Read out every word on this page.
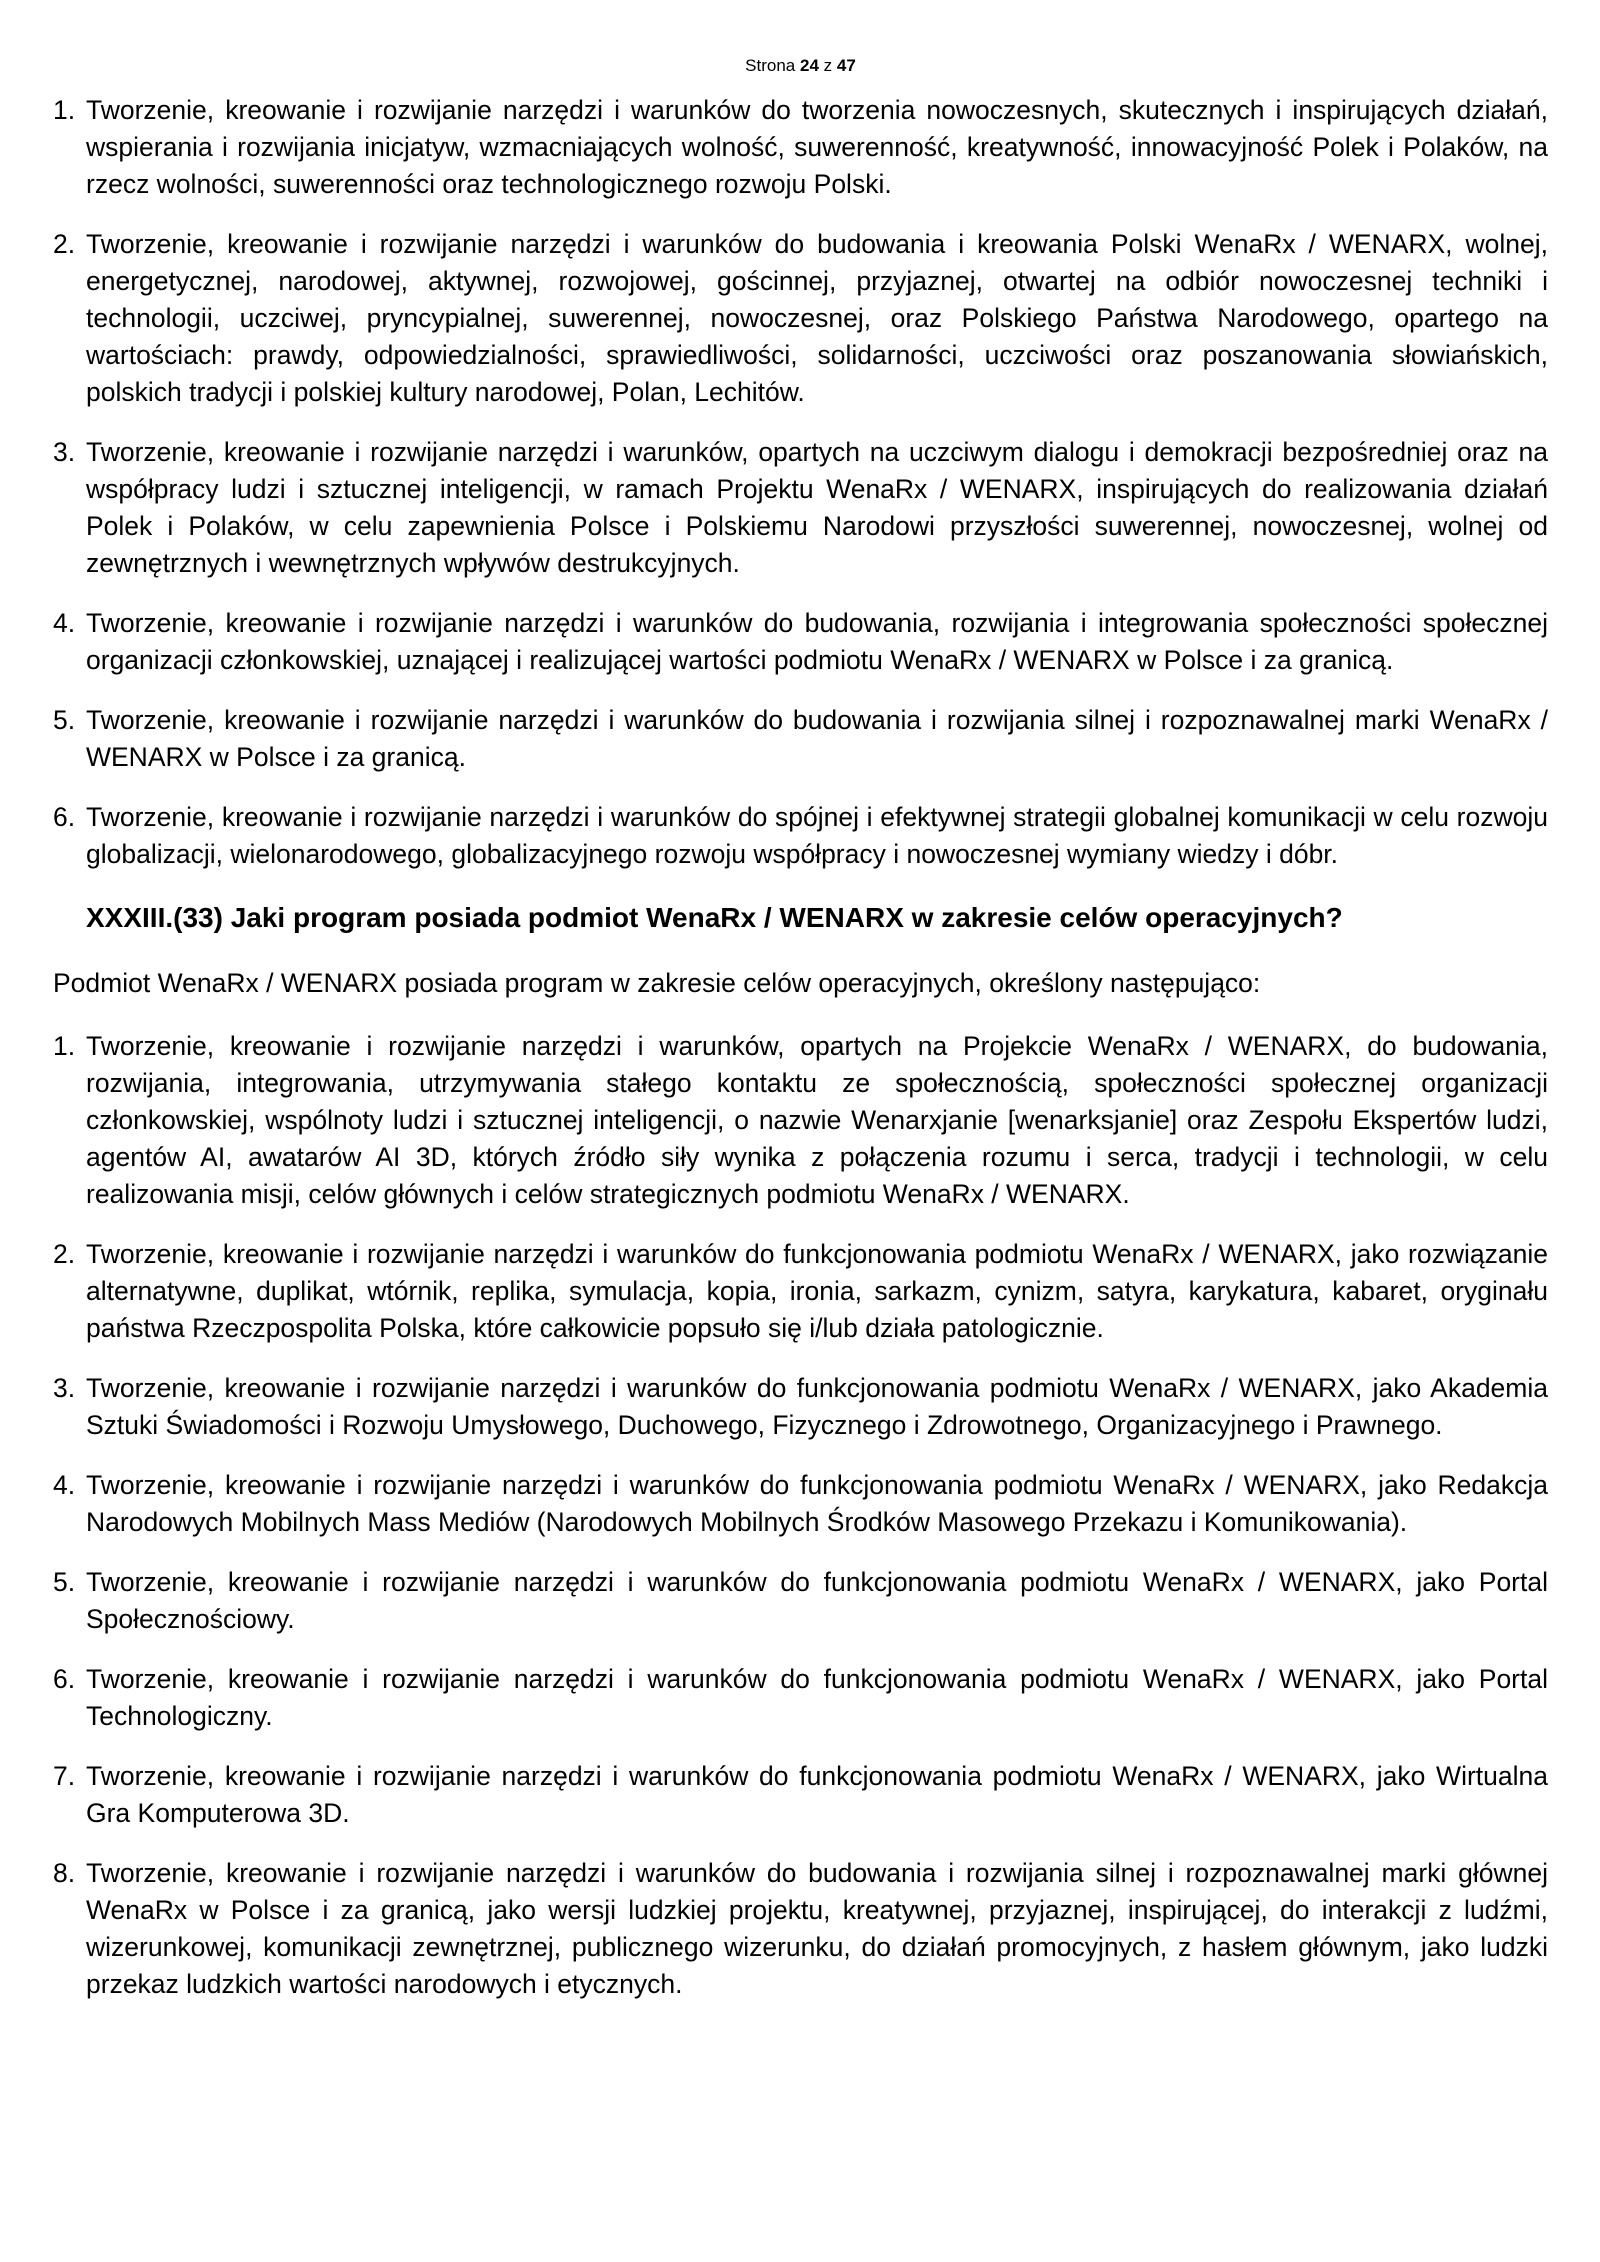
Strona 24 z 47
1. Tworzenie, kreowanie i rozwijanie narzędzi i warunków do tworzenia nowoczesnych, skutecznych i inspirujących działań, wspierania i rozwijania inicjatyw, wzmacniających wolność, suwerenność, kreatywność, innowacyjność Polek i Polaków, na rzecz wolności, suwerenności oraz technologicznego rozwoju Polski.
2. Tworzenie, kreowanie i rozwijanie narzędzi i warunków do budowania i kreowania Polski WenaRx / WENARX, wolnej, energetycznej, narodowej, aktywnej, rozwojowej, gościnnej, przyjaznej, otwartej na odbiór nowoczesnej techniki i technologii, uczciwej, pryncypialnej, suwerennej, nowoczesnej, oraz Polskiego Państwa Narodowego, opartego na wartościach: prawdy, odpowiedzialności, sprawiedliwości, solidarności, uczciwości oraz poszanowania słowiańskich, polskich tradycji i polskiej kultury narodowej, Polan, Lechitów.
3. Tworzenie, kreowanie i rozwijanie narzędzi i warunków, opartych na uczciwym dialogu i demokracji bezpośredniej oraz na współpracy ludzi i sztucznej inteligencji, w ramach Projektu WenaRx / WENARX, inspirujących do realizowania działań Polek i Polaków, w celu zapewnienia Polsce i Polskiemu Narodowi przyszłości suwerennej, nowoczesnej, wolnej od zewnętrznych i wewnętrznych wpływów destrukcyjnych.
4. Tworzenie, kreowanie i rozwijanie narzędzi i warunków do budowania, rozwijania i integrowania społeczności społecznej organizacji członkowskiej, uznającej i realizującej wartości podmiotu WenaRx / WENARX w Polsce i za granicą.
5. Tworzenie, kreowanie i rozwijanie narzędzi i warunków do budowania i rozwijania silnej i rozpoznawalnej marki WenaRx / WENARX w Polsce i za granicą.
6. Tworzenie, kreowanie i rozwijanie narzędzi i warunków do spójnej i efektywnej strategii globalnej komunikacji w celu rozwoju globalizacji, wielonarodowego, globalizacyjnego rozwoju współpracy i nowoczesnej wymiany wiedzy i dóbr.
XXXIII.(33) Jaki program posiada podmiot WenaRx / WENARX w zakresie celów operacyjnych?

Podmiot WenaRx / WENARX posiada program w zakresie celów operacyjnych, określony następująco:

1. Tworzenie, kreowanie i rozwijanie narzędzi i warunków, opartych na Projekcie WenaRx / WENARX, do budowania, rozwijania, integrowania, utrzymywania stałego kontaktu ze społecznością, społeczności społecznej organizacji członkowskiej, wspólnoty ludzi i sztucznej inteligencji, o nazwie Wenarxjanie [wenarksjanie] oraz Zespołu Ekspertów ludzi, agentów AI, awatarów AI 3D, których źródło siły wynika z połączenia rozumu i serca, tradycji i technologii, w celu realizowania misji, celów głównych i celów strategicznych podmiotu WenaRx / WENARX.
2. Tworzenie, kreowanie i rozwijanie narzędzi i warunków do funkcjonowania podmiotu WenaRx / WENARX, jako rozwiązanie alternatywne, duplikat, wtórnik, replika, symulacja, kopia, ironia, sarkazm, cynizm, satyra, karykatura, kabaret, oryginału państwa Rzeczpospolita Polska, które całkowicie popsuło się i/lub działa patologicznie.
3. Tworzenie, kreowanie i rozwijanie narzędzi i warunków do funkcjonowania podmiotu WenaRx / WENARX, jako Akademia Sztuki Świadomości i Rozwoju Umysłowego, Duchowego, Fizycznego i Zdrowotnego, Organizacyjnego i Prawnego.
4. Tworzenie, kreowanie i rozwijanie narzędzi i warunków do funkcjonowania podmiotu WenaRx / WENARX, jako Redakcja Narodowych Mobilnych Mass Mediów (Narodowych Mobilnych Środków Masowego Przekazu i Komunikowania).
5. Tworzenie, kreowanie i rozwijanie narzędzi i warunków do funkcjonowania podmiotu WenaRx / WENARX, jako Portal Społecznościowy.
6. Tworzenie, kreowanie i rozwijanie narzędzi i warunków do funkcjonowania podmiotu WenaRx / WENARX, jako Portal Technologiczny.
7. Tworzenie, kreowanie i rozwijanie narzędzi i warunków do funkcjonowania podmiotu WenaRx / WENARX, jako Wirtualna Gra Komputerowa 3D.
8. Tworzenie, kreowanie i rozwijanie narzędzi i warunków do budowania i rozwijania silnej i rozpoznawalnej marki głównej WenaRx w Polsce i za granicą, jako wersji ludzkiej projektu, kreatywnej, przyjaznej, inspirującej, do interakcji z ludźmi, wizerunkowej, komunikacji zewnętrznej, publicznego wizerunku, do działań promocyjnych, z hasłem głównym, jako ludzki przekaz ludzkich wartości narodowych i etycznych.
